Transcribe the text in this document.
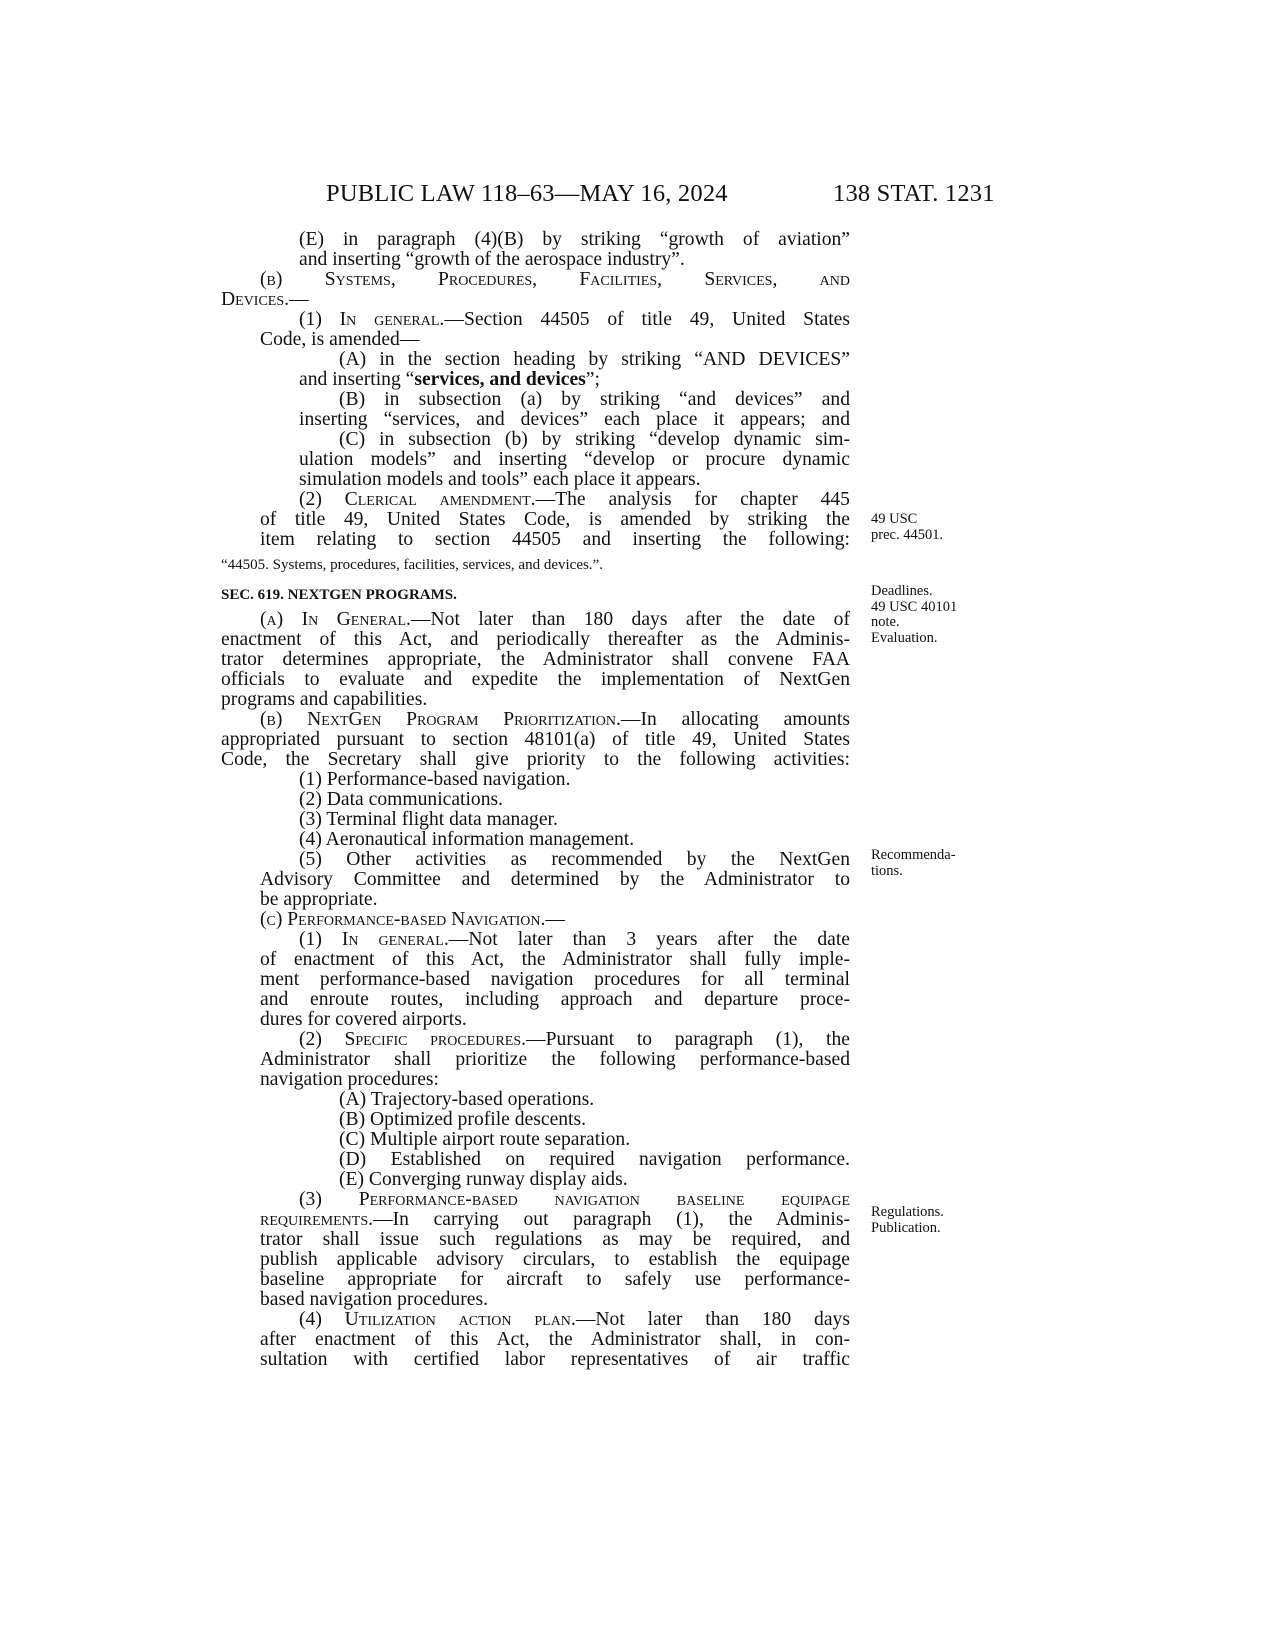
PUBLIC LAW 118–63—MAY 16, 2024	138 STAT. 1231
(E) in paragraph (4)(B) by striking “growth of aviation”
and inserting “growth of the aerospace industry”.
(b) Systems, Procedures, Facilities, Services, and
Devices.—
(1) In general.—Section 44505 of title 49, United States
Code, is amended—
(A) in the section heading by striking “AND DEVICES”
and inserting “services, and devices”;
(B) in subsection (a) by striking “and devices” and
inserting “services, and devices” each place it appears; and
(C) in subsection (b) by striking “develop dynamic sim-
ulation models” and inserting “develop or procure dynamic
simulation models and tools” each place it appears.
(2) Clerical amendment.—The analysis for chapter 445
of title 49, United States Code, is amended by striking the
item relating to section 44505 and inserting the following:
“44505. Systems, procedures, facilities, services, and devices.”.
SEC. 619. NEXTGEN PROGRAMS.
(a) In General.—Not later than 180 days after the date of
enactment of this Act, and periodically thereafter as the Adminis-
trator determines appropriate, the Administrator shall convene FAA
officials to evaluate and expedite the implementation of NextGen
programs and capabilities.
(b) NextGen Program Prioritization.—In allocating amounts
appropriated pursuant to section 48101(a) of title 49, United States
Code, the Secretary shall give priority to the following activities:
(1) Performance-based navigation.
(2) Data communications.
(3) Terminal flight data manager.
(4) Aeronautical information management.
(5) Other activities as recommended by the NextGen
Advisory Committee and determined by the Administrator to
be appropriate.
(c) Performance-based Navigation.—
(1) In general.—Not later than 3 years after the date
of enactment of this Act, the Administrator shall fully imple-
ment performance-based navigation procedures for all terminal
and enroute routes, including approach and departure proce-
dures for covered airports.
(2) Specific procedures.—Pursuant to paragraph (1), the
Administrator shall prioritize the following performance-based
navigation procedures:
(A) Trajectory-based operations.
(B) Optimized profile descents.
(C) Multiple airport route separation.
(D) Established on required navigation performance.
(E) Converging runway display aids.
(3) Performance-based navigation baseline equipage
requirements.—In carrying out paragraph (1), the Adminis-
trator shall issue such regulations as may be required, and
publish applicable advisory circulars, to establish the equipage
baseline appropriate for aircraft to safely use performance-
based navigation procedures.
(4) Utilization action plan.—Not later than 180 days
after enactment of this Act, the Administrator shall, in con-
sultation with certified labor representatives of air traffic
49 USC
prec. 44501.
Deadlines.
49 USC 40101
note.
Evaluation.
Recommenda-
tions.
Regulations.
Publication.
